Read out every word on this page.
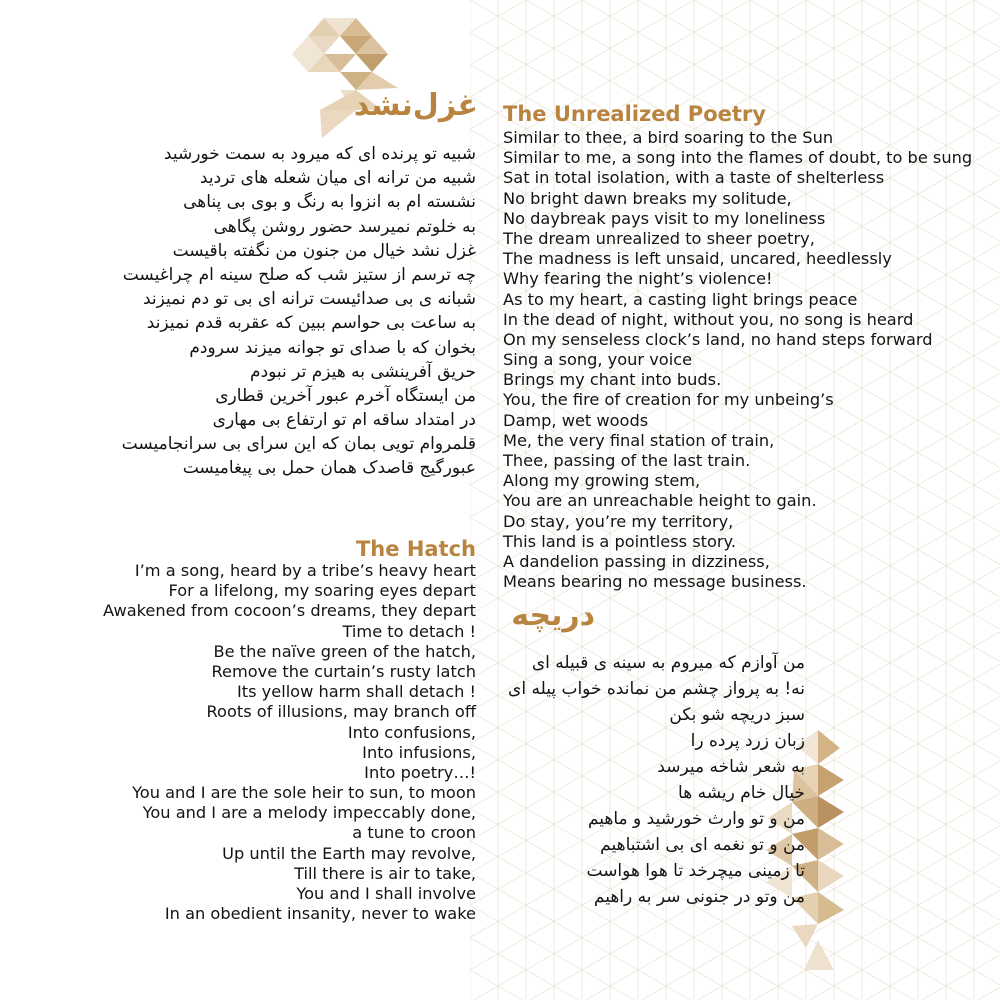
غزل‌نشد
شبیه تو پرنده ای که میرود به سمت خورشید
شبیه من ترانه ای میان شعله های تردید
نشسته ام به انزوا به رنگ و بوی بی پناهی
به خلوتم نمیرسد حضور روشن پگاهی
غزل نشد خیال من جنون من نگفته باقیست
چه ترسم از ستیز شب که صلح سینه ام چراغیست
شبانه ی بی صدائیست ترانه ای بی تو دم نمیزند
به ساعت بی حواسم ببین که عقربه قدم نمیزند
بخوان که با صدای تو جوانه میزند سرودم
حریق آفرینشی به هیزم تر نبودم
من ایستگاه آخرم عبور آخرین قطاری
در امتداد ساقه ام تو ارتفاع بی مهاری
قلمروام تویی بمان که این سرای بی سرانجامیست
عبورگیج قاصدک همان حمل بی پیغامیست
The Unrealized Poetry
Similar to thee, a bird soaring to the Sun
Similar to me, a song into the flames of doubt, to be sung
Sat in total isolation, with a taste of shelterless
No bright dawn breaks my solitude,
No daybreak pays visit to my loneliness
The dream unrealized to sheer poetry,
The madness is left unsaid, uncared, heedlessly
Why fearing the night’s violence!
As to my heart, a casting light brings peace
In the dead of night, without you, no song is heard
On my senseless clock’s land, no hand steps forward
Sing a song, your voice
Brings my chant into buds.
You, the fire of creation for my unbeing’s
Damp, wet woods
Me, the very final station of train,
Thee, passing of the last train.
Along my growing stem,
You are an unreachable height to gain.
Do stay, you’re my territory,
This land is a pointless story.
A dandelion passing in dizziness,
Means bearing no message business.
The Hatch
I’m a song, heard by a tribe’s heavy heart
For a lifelong, my soaring eyes depart
Awakened from cocoon’s dreams, they depart
Time to detach !
Be the naïve green of the hatch,
Remove the curtain’s rusty latch
Its yellow harm shall detach !
Roots of illusions, may branch off
Into confusions,
Into infusions,
Into poetry…!
You and I are the sole heir to sun, to moon
You and I are a melody impeccably done,
a tune to croon
Up until the Earth may revolve,
Till there is air to take,
You and I shall involve
In an obedient insanity, never to wake
دریچه
من آوازم که میروم به سینه ی قبیله ای
نه! به پرواز چشم من نمانده خواب پیله ای
سبز دریچه شو بکن
زبان زرد پرده را
به شعر شاخه میرسد
خیال خام ریشه ها
من و تو وارث خورشید و ماهیم
من و تو نغمه ای بی اشتباهیم
تا زمینی میچرخد تا هوا هواست
من وتو در جنونی سر به راهیم
